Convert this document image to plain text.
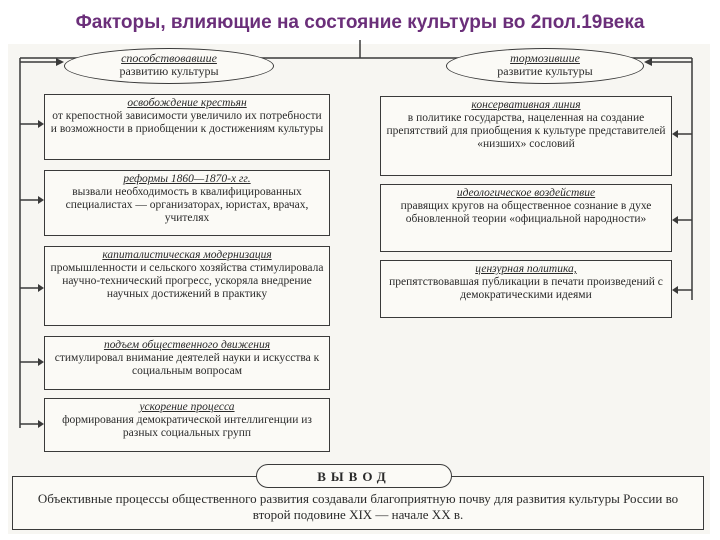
Факторы, влияющие на состояние культуры во 2пол.19века
способствовавшие
развитию культуры
тормозившие
развитие культуры
освобождение крестьян
от крепостной зависимости увеличило их потребности и возможности в приобщении к достижениям культуры
реформы 1860—1870-х гг.
вызвали необходимость в квалифицированных специалистах — организаторах, юристах, врачах, учителях
капиталистическая модернизация
промышленности и сельского хозяйства стимулировала научно-технический прогресс, ускоряла внедрение научных достижений в практику
подъем общественного движения
стимулировал внимание деятелей науки и искусства к социальным вопросам
ускорение процесса
формирования демократической интеллигенции из разных социальных групп
консервативная линия
в политике государства, нацеленная на создание препятствий для приобщения к культуре представителей «низших» сословий
идеологическое воздействие
правящих кругов на общественное сознание в духе обновленной теории «официальной народности»
цензурная политика,
препятствовавшая публикации в печати произведений с демократическими идеями
Объективные процессы общественного развития создавали благоприятную почву для развития культуры России во второй подовине XIX — начале XX в.
ВЫВОД
